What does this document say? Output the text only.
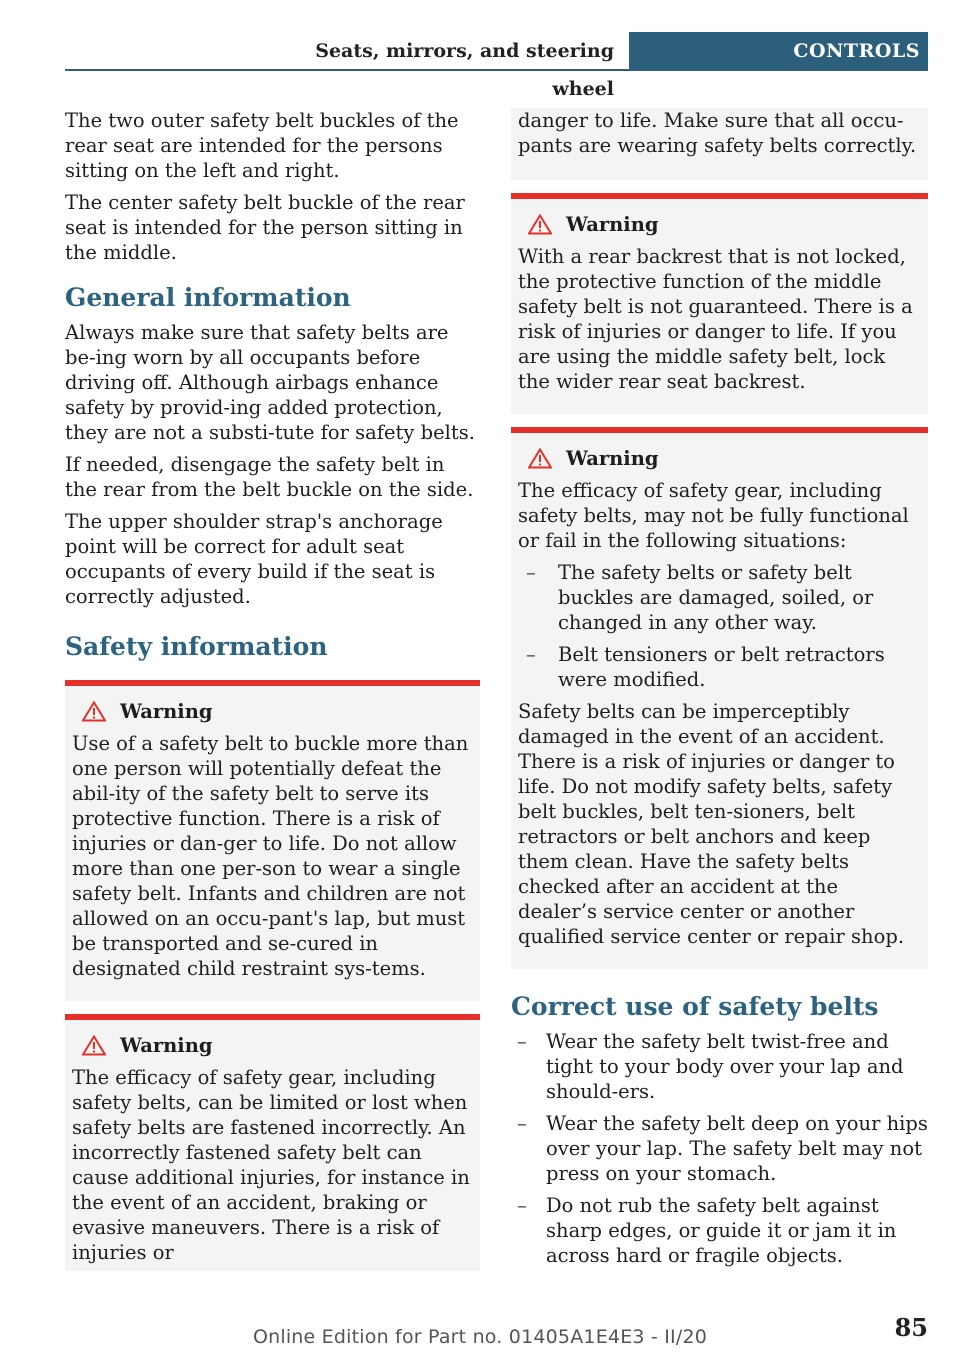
Seats, mirrors, and steering wheel
CONTROLS

The two outer safety belt buckles of the rear seat are intended for the persons sitting on the left and right.

The center safety belt buckle of the rear seat is intended for the person sitting in the middle.

General information

Always make sure that safety belts are be-ing worn by all occupants before driving off. Although airbags enhance safety by provid-ing added protection, they are not a substi-tute for safety belts.

If needed, disengage the safety belt in the rear from the belt buckle on the side.

The upper shoulder strap's anchorage point will be correct for adult seat occupants of every build if the seat is correctly adjusted.

Safety information
Warning

Use of a safety belt to buckle more than one person will potentially defeat the abil-ity of the safety belt to serve its protective function. There is a risk of injuries or dan-ger to life. Do not allow more than one per-son to wear a single safety belt. Infants and children are not allowed on an occu-pant's lap, but must be transported and se-cured in designated child restraint sys-tems.

Warning

The efficacy of safety gear, including safety belts, can be limited or lost when safety belts are fastened incorrectly. An incorrectly fastened safety belt can cause additional injuries, for instance in the event of an accident, braking or evasive maneuvers. There is a risk of injuries or

danger to life. Make sure that all occu-pants are wearing safety belts correctly.

Warning

With a rear backrest that is not locked, the protective function of the middle safety belt is not guaranteed. There is a risk of injuries or danger to life. If you are using the middle safety belt, lock the wider rear seat backrest.

Warning

The efficacy of safety gear, including safety belts, may not be fully functional or fail in the following situations:

– The safety belts or safety belt buckles are damaged, soiled, or changed in any other way.
– Belt tensioners or belt retractors were modified.

Safety belts can be imperceptibly damaged in the event of an accident. There is a risk of injuries or danger to life. Do not modify safety belts, safety belt buckles, belt ten-sioners, belt retractors or belt anchors and keep them clean. Have the safety belts checked after an accident at the dealer’s service center or another qualified service center or repair shop.

Correct use of safety belts
– Wear the safety belt twist-free and tight to your body over your lap and should-ers.
– Wear the safety belt deep on your hips over your lap. The safety belt may not press on your stomach.
– Do not rub the safety belt against sharp edges, or guide it or jam it in across hard or fragile objects.
85
Online Edition for Part no. 01405A1E4E3 - II/20
